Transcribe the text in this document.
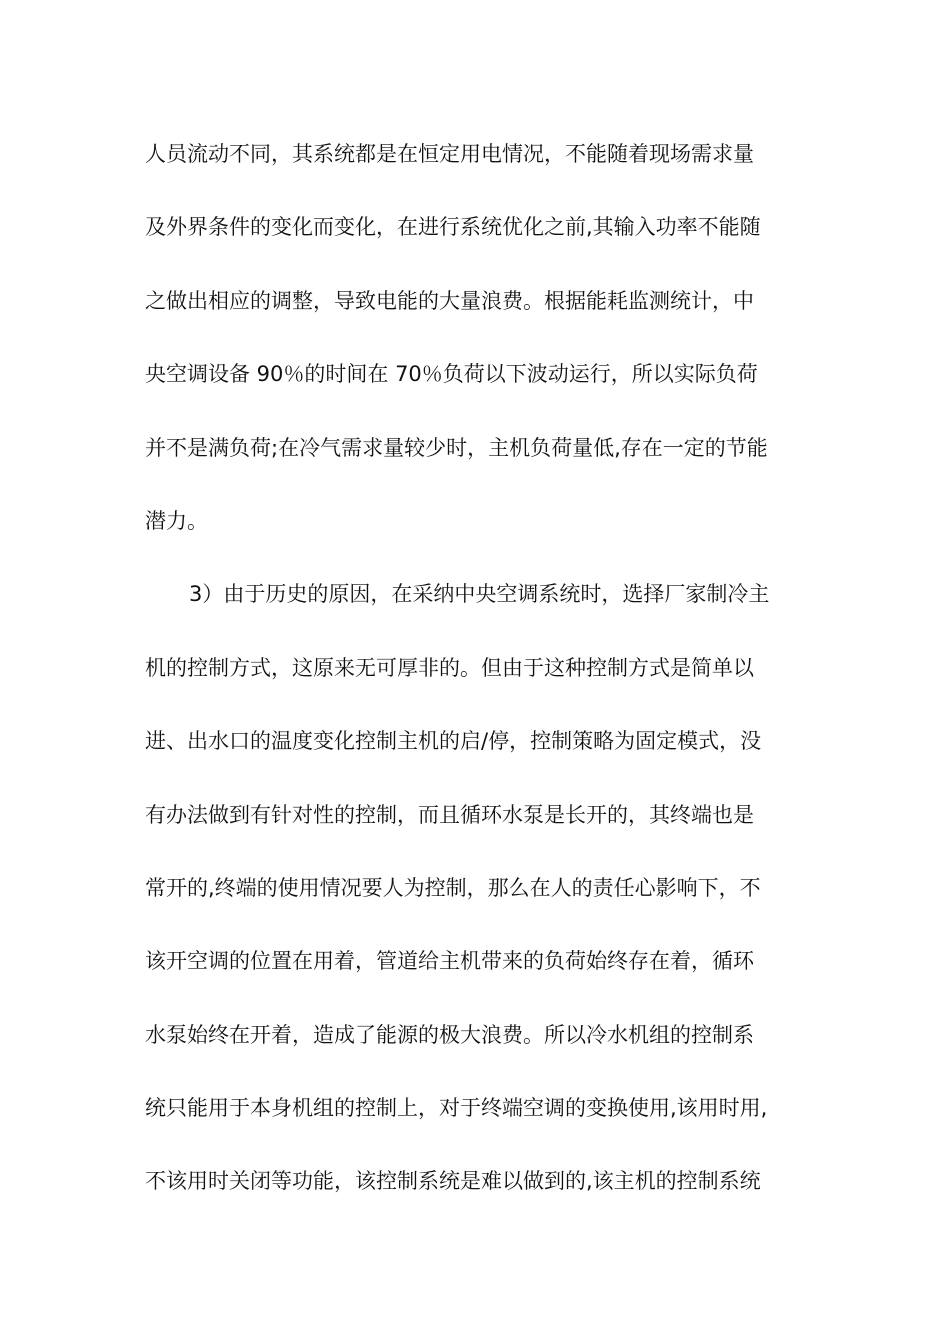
人员流动不同，其系统都是在恒定用电情况，不能随着现场需求量
及外界条件的变化而变化，在进行系统优化之前,其输入功率不能随
之做出相应的调整，导致电能的大量浪费。根据能耗监测统计，中
央空调设备 90％的时间在 70％负荷以下波动运行，所以实际负荷
并不是满负荷;在冷气需求量较少时，主机负荷量低,存在一定的节能
潜力。
3）由于历史的原因，在采纳中央空调系统时，选择厂家制冷主
机的控制方式，这原来无可厚非的。但由于这种控制方式是简单以
进、出水口的温度变化控制主机的启/停，控制策略为固定模式，没
有办法做到有针对性的控制，而且循环水泵是长开的，其终端也是
常开的,终端的使用情况要人为控制，那么在人的责任心影响下，不
该开空调的位置在用着，管道给主机带来的负荷始终存在着，循环
水泵始终在开着，造成了能源的极大浪费。所以冷水机组的控制系
统只能用于本身机组的控制上，对于终端空调的变换使用,该用时用,
不该用时关闭等功能，该控制系统是难以做到的,该主机的控制系统
